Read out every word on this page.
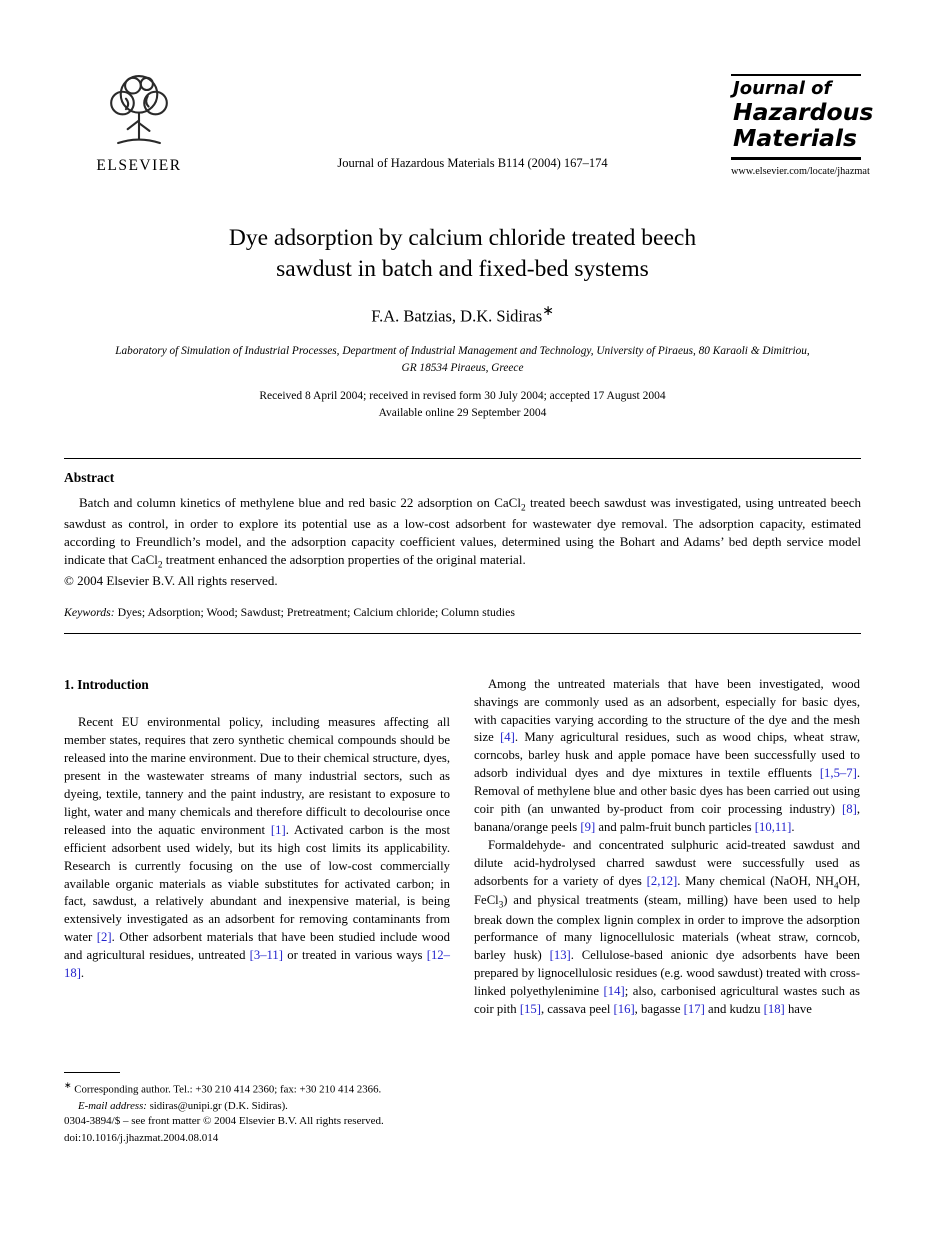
ELSEVIER	Journal of Hazardous Materials B114 (2004) 167–174
Journal of
Hazardous
Materials
www.elsevier.com/locate/jhazmat
Dye adsorption by calcium chloride treated beech
sawdust in batch and fixed-bed systems
F.A. Batzias, D.K. Sidiras∗
Laboratory of Simulation of Industrial Processes, Department of Industrial Management and Technology, University of Piraeus, 80 Karaoli & Dimitriou,
GR 18534 Piraeus, Greece
Received 8 April 2004; received in revised form 30 July 2004; accepted 17 August 2004
Available online 29 September 2004
Abstract

Batch and column kinetics of methylene blue and red basic 22 adsorption on CaCl$_2$ treated beech sawdust was investigated, using untreated beech sawdust as control, in order to explore its potential use as a low-cost adsorbent for wastewater dye removal. The adsorption capacity, estimated according to Freundlich’s model, and the adsorption capacity coefficient values, determined using the Bohart and Adams’ bed depth service model indicate that CaCl$_2$ treatment enhanced the adsorption properties of the original material.

© 2004 Elsevier B.V. All rights reserved.

Keywords: Dyes; Adsorption; Wood; Sawdust; Pretreatment; Calcium chloride; Column studies
1. Introduction

Recent EU environmental policy, including measures affecting all member states, requires that zero synthetic chemical compounds should be released into the marine environment. Due to their chemical structure, dyes, present in the wastewater streams of many industrial sectors, such as dyeing, textile, tannery and the paint industry, are resistant to exposure to light, water and many chemicals and therefore difficult to decolourise once released into the aquatic environment [1]. Activated carbon is the most efficient adsorbent used widely, but its high cost limits its applicability. Research is currently focusing on the use of low-cost commercially available organic materials as viable substitutes for activated carbon; in fact, sawdust, a relatively abundant and inexpensive material, is being extensively investigated as an adsorbent for removing contaminants from water [2]. Other adsorbent materials that have been studied include wood and agricultural residues, untreated [3–11] or treated in various ways [12–18].

Among the untreated materials that have been investigated, wood shavings are commonly used as an adsorbent, especially for basic dyes, with capacities varying according to the structure of the dye and the mesh size [4]. Many agricultural residues, such as wood chips, wheat straw, corncobs, barley husk and apple pomace have been successfully used to adsorb individual dyes and dye mixtures in textile effluents [1,5–7]. Removal of methylene blue and other basic dyes has been carried out using coir pith (an unwanted by-product from coir processing industry) [8], banana/orange peels [9] and palm-fruit bunch particles [10,11].

Formaldehyde- and concentrated sulphuric acid-treated sawdust and dilute acid-hydrolysed charred sawdust were successfully used as adsorbents for a variety of dyes [2,12]. Many chemical (NaOH, $NH_4OH$, FeCl$_3$) and physical treatments (steam, milling) have been used to help break down the complex lignin complex in order to improve the adsorption performance of many lignocellulosic materials (wheat straw, corncob, barley husk) [13]. Cellulose-based anionic dye adsorbents have been prepared by lignocellulosic residues (e.g. wood sawdust) treated with cross-linked polyethylenimine [14]; also, carbonised agricultural wastes such as coir pith [15], cassava peel [16], bagasse [17] and kudzu [18] have

∗ Corresponding author. Tel.: +30 210 414 2360; fax: +30 210 414 2366.
E-mail address: sidiras@unipi.gr (D.K. Sidiras).
0304-3894/$ – see front matter © 2004 Elsevier B.V. All rights reserved.
doi:10.1016/j.jhazmat.2004.08.014
